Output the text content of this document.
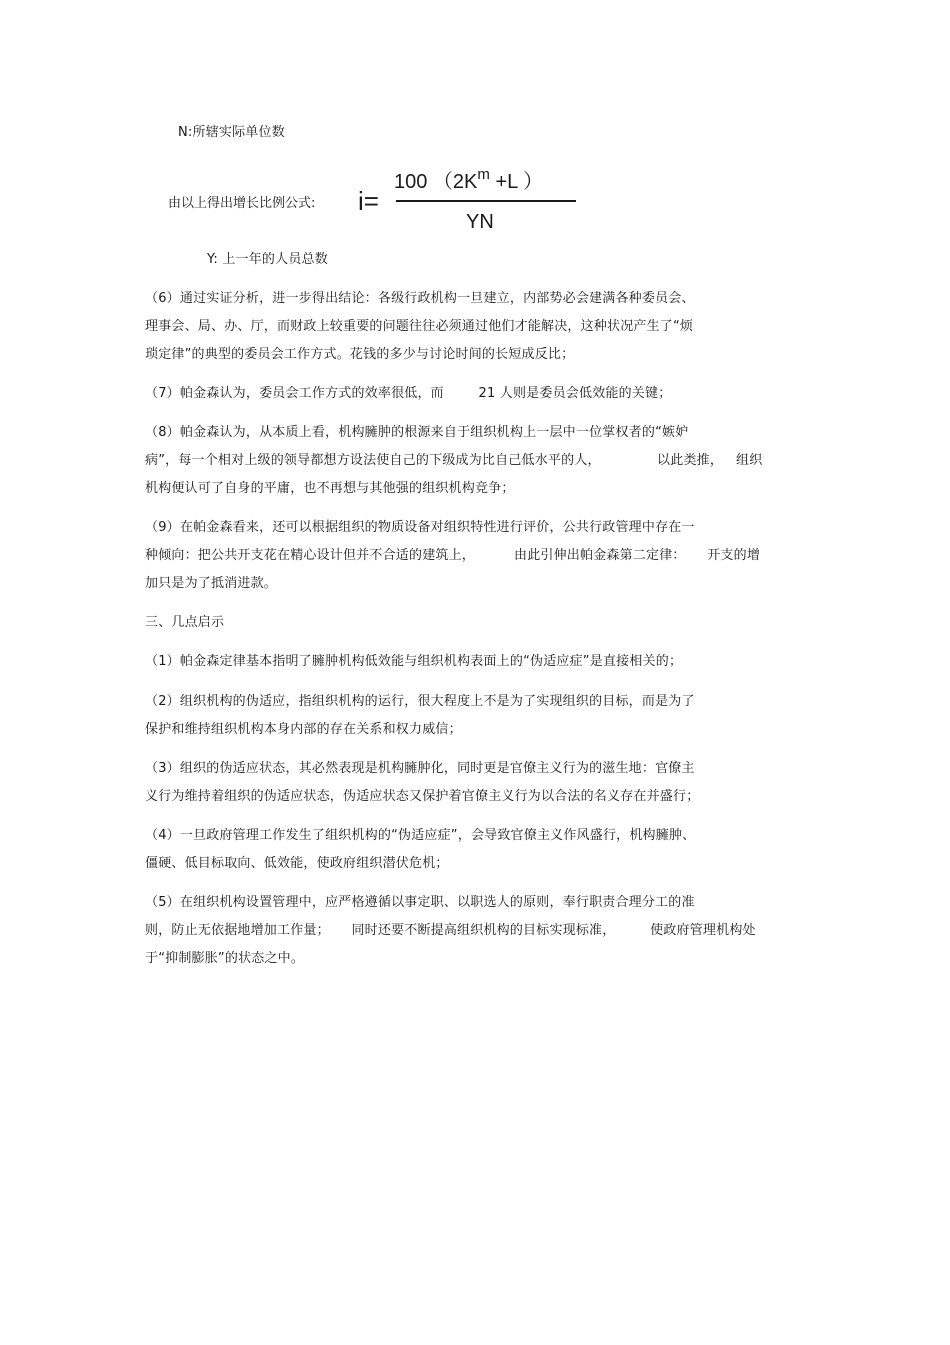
N:所辖实际单位数
由以上得出增长比例公式: i=
100 （$2K^m +L$ ）
YN
Y: 上一年的人员总数
（6）通过实证分析，进一步得出结论：各级行政机构一旦建立，内部势必会建满各种委员会、
理事会、局、办、厅，而财政上较重要的问题往往必须通过他们才能解决，这种状况产生了“烦
琐定律”的典型的委员会工作方式。花钱的多少与讨论时间的长短成反比；
（7）帕金森认为，委员会工作方式的效率很低，而        21 人则是委员会低效能的关键；
（8）帕金森认为，从本质上看，机构臃肿的根源来自于组织机构上一层中一位掌权者的“嫉妒
病”，每一个相对上级的领导都想方设法使自己的下级成为比自己低水平的人，             以此类推，   组织
机构便认可了自身的平庸，也不再想与其他强的组织机构竞争；
（9）在帕金森看来，还可以根据组织的物质设备对组织特性进行评价，公共行政管理中存在一
种倾向：把公共开支花在精心设计但并不合适的建筑上，         由此引伸出帕金森第二定律：     开支的增
加只是为了抵消进款。
三、几点启示
（1）帕金森定律基本指明了臃肿机构低效能与组织机构表面上的“伪适应症”是直接相关的；
（2）组织机构的伪适应，指组织机构的运行，很大程度上不是为了实现组织的目标，而是为了
保护和维持组织机构本身内部的存在关系和权力威信；
（3）组织的伪适应状态，其必然表现是机构臃肿化，同时更是官僚主义行为的滋生地：官僚主
义行为维持着组织的伪适应状态，伪适应状态又保护着官僚主义行为以合法的名义存在并盛行；
（4）一旦政府管理工作发生了组织机构的“伪适应症”，会导致官僚主义作风盛行，机构臃肿、
僵硬、低目标取向、低效能，使政府组织潜伏危机；
（5）在组织机构设置管理中，应严格遵循以事定职、以职选人的原则，奉行职责合理分工的准
则，防止无依据地增加工作量；     同时还要不断提高组织机构的目标实现标准，        使政府管理机构处
于“抑制膨胀”的状态之中。
